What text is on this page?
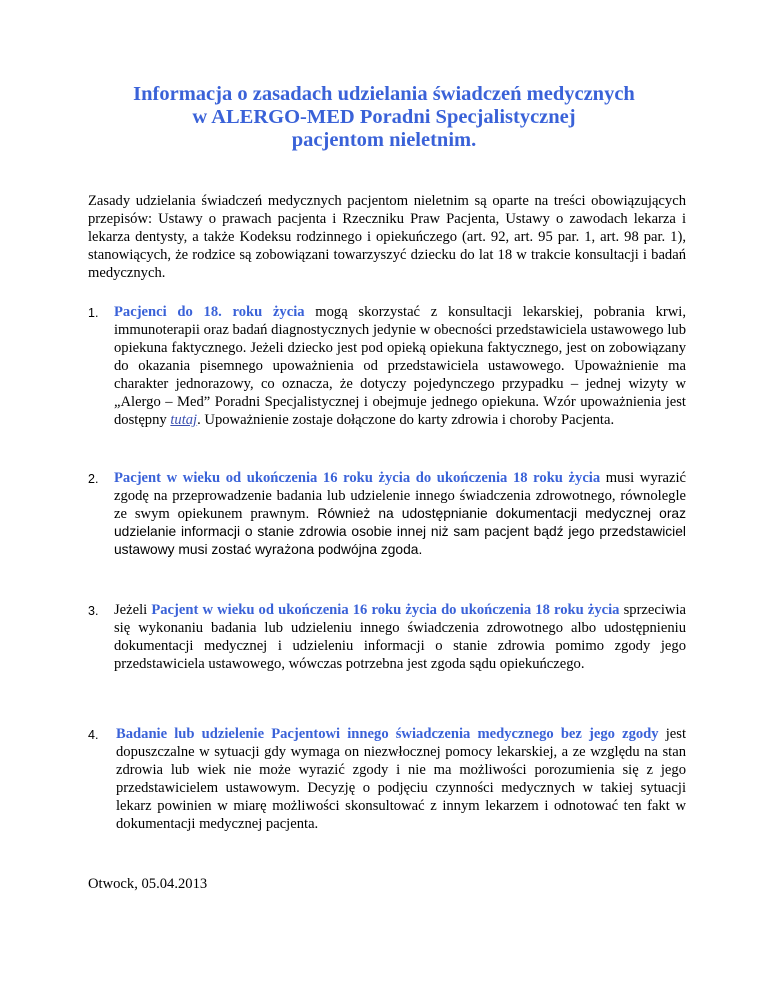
Informacja o zasadach udzielania świadczeń medycznych
w ALERGO-MED Poradni Specjalistycznej
pacjentom nieletnim.
Zasady udzielania świadczeń medycznych pacjentom nieletnim są oparte na treści obowiązujących przepisów: Ustawy o prawach pacjenta i Rzeczniku Praw Pacjenta, Ustawy o zawodach lekarza i lekarza dentysty, a także Kodeksu rodzinnego i opiekuńczego (art. 92, art. 95 par. 1, art. 98 par. 1), stanowiących, że rodzice są zobowiązani towarzyszyć dziecku do lat 18 w trakcie konsultacji i badań medycznych.
1. Pacjenci do 18. roku życia mogą skorzystać z konsultacji lekarskiej, pobrania krwi, immunoterapii oraz badań diagnostycznych jedynie w obecności przedstawiciela ustawowego lub opiekuna faktycznego. Jeżeli dziecko jest pod opieką opiekuna faktycznego, jest on zobowiązany do okazania pisemnego upoważnienia od przedstawiciela ustawowego. Upoważnienie ma charakter jednorazowy, co oznacza, że dotyczy pojedynczego przypadku – jednej wizyty w „Alergo – Med” Poradni Specjalistycznej i obejmuje jednego opiekuna. Wzór upoważnienia jest dostępny tutaj. Upoważnienie zostaje dołączone do karty zdrowia i choroby Pacjenta.
2. Pacjent w wieku od ukończenia 16 roku życia do ukończenia 18 roku życia musi wyrazić zgodę na przeprowadzenie badania lub udzielenie innego świadczenia zdrowotnego, równolegle ze swym opiekunem prawnym. Również na udostępnianie dokumentacji medycznej oraz udzielanie informacji o stanie zdrowia osobie innej niż sam pacjent bądź jego przedstawiciel ustawowy musi zostać wyrażona podwójna zgoda.
3. Jeżeli Pacjent w wieku od ukończenia 16 roku życia do ukończenia 18 roku życia sprzeciwia się wykonaniu badania lub udzieleniu innego świadczenia zdrowotnego albo udostępnieniu dokumentacji medycznej i udzieleniu informacji o stanie zdrowia pomimo zgody jego przedstawiciela ustawowego, wówczas potrzebna jest zgoda sądu opiekuńczego.
4. Badanie lub udzielenie Pacjentowi innego świadczenia medycznego bez jego zgody jest dopuszczalne w sytuacji gdy wymaga on niezwłocznej pomocy lekarskiej, a ze względu na stan zdrowia lub wiek nie może wyrazić zgody i nie ma możliwości porozumienia się z jego przedstawicielem ustawowym. Decyzję o podjęciu czynności medycznych w takiej sytuacji lekarz powinien w miarę możliwości skonsultować z innym lekarzem i odnotować ten fakt w dokumentacji medycznej pacjenta.
Otwock, 05.04.2013
